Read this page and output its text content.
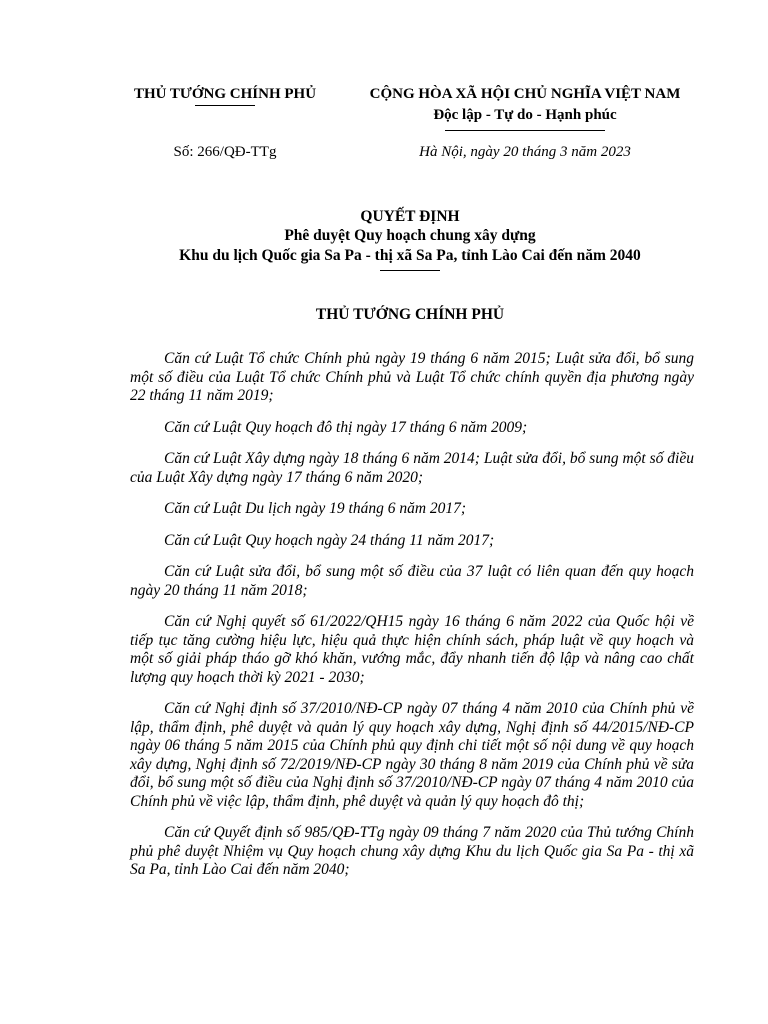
THỦ TƯỚNG CHÍNH PHỦ	CỘNG HÒA XÃ HỘI CHỦ NGHĨA VIỆT NAM
Độc lập - Tự do - Hạnh phúc
Số: 266/QĐ-TTg	Hà Nội, ngày 20 tháng 3 năm 2023
QUYẾT ĐỊNH
Phê duyệt Quy hoạch chung xây dựng
Khu du lịch Quốc gia Sa Pa - thị xã Sa Pa, tỉnh Lào Cai đến năm 2040
THỦ TƯỚNG CHÍNH PHỦ

Căn cứ Luật Tổ chức Chính phủ ngày 19 tháng 6 năm 2015; Luật sửa đổi, bổ sung một số điều của Luật Tổ chức Chính phủ và Luật Tổ chức chính quyền địa phương ngày 22 tháng 11 năm 2019;

Căn cứ Luật Quy hoạch đô thị ngày 17 tháng 6 năm 2009;

Căn cứ Luật Xây dựng ngày 18 tháng 6 năm 2014; Luật sửa đổi, bổ sung một số điều của Luật Xây dựng ngày 17 tháng 6 năm 2020;

Căn cứ Luật Du lịch ngày 19 tháng 6 năm 2017;

Căn cứ Luật Quy hoạch ngày 24 tháng 11 năm 2017;

Căn cứ Luật sửa đổi, bổ sung một số điều của 37 luật có liên quan đến quy hoạch ngày 20 tháng 11 năm 2018;

Căn cứ Nghị quyết số 61/2022/QH15 ngày 16 tháng 6 năm 2022 của Quốc hội về tiếp tục tăng cường hiệu lực, hiệu quả thực hiện chính sách, pháp luật về quy hoạch và một số giải pháp tháo gỡ khó khăn, vướng mắc, đẩy nhanh tiến độ lập và nâng cao chất lượng quy hoạch thời kỳ 2021 - 2030;

Căn cứ Nghị định số 37/2010/NĐ-CP ngày 07 tháng 4 năm 2010 của Chính phủ về lập, thẩm định, phê duyệt và quản lý quy hoạch xây dựng, Nghị định số 44/2015/NĐ-CP ngày 06 tháng 5 năm 2015 của Chính phủ quy định chi tiết một số nội dung về quy hoạch xây dựng, Nghị định số 72/2019/NĐ-CP ngày 30 tháng 8 năm 2019 của Chính phủ về sửa đổi, bổ sung một số điều của Nghị định số 37/2010/NĐ-CP ngày 07 tháng 4 năm 2010 của Chính phủ về việc lập, thẩm định, phê duyệt và quản lý quy hoạch đô thị;

Căn cứ Quyết định số 985/QĐ-TTg ngày 09 tháng 7 năm 2020 của Thủ tướng Chính phủ phê duyệt Nhiệm vụ Quy hoạch chung xây dựng Khu du lịch Quốc gia Sa Pa - thị xã Sa Pa, tỉnh Lào Cai đến năm 2040;
